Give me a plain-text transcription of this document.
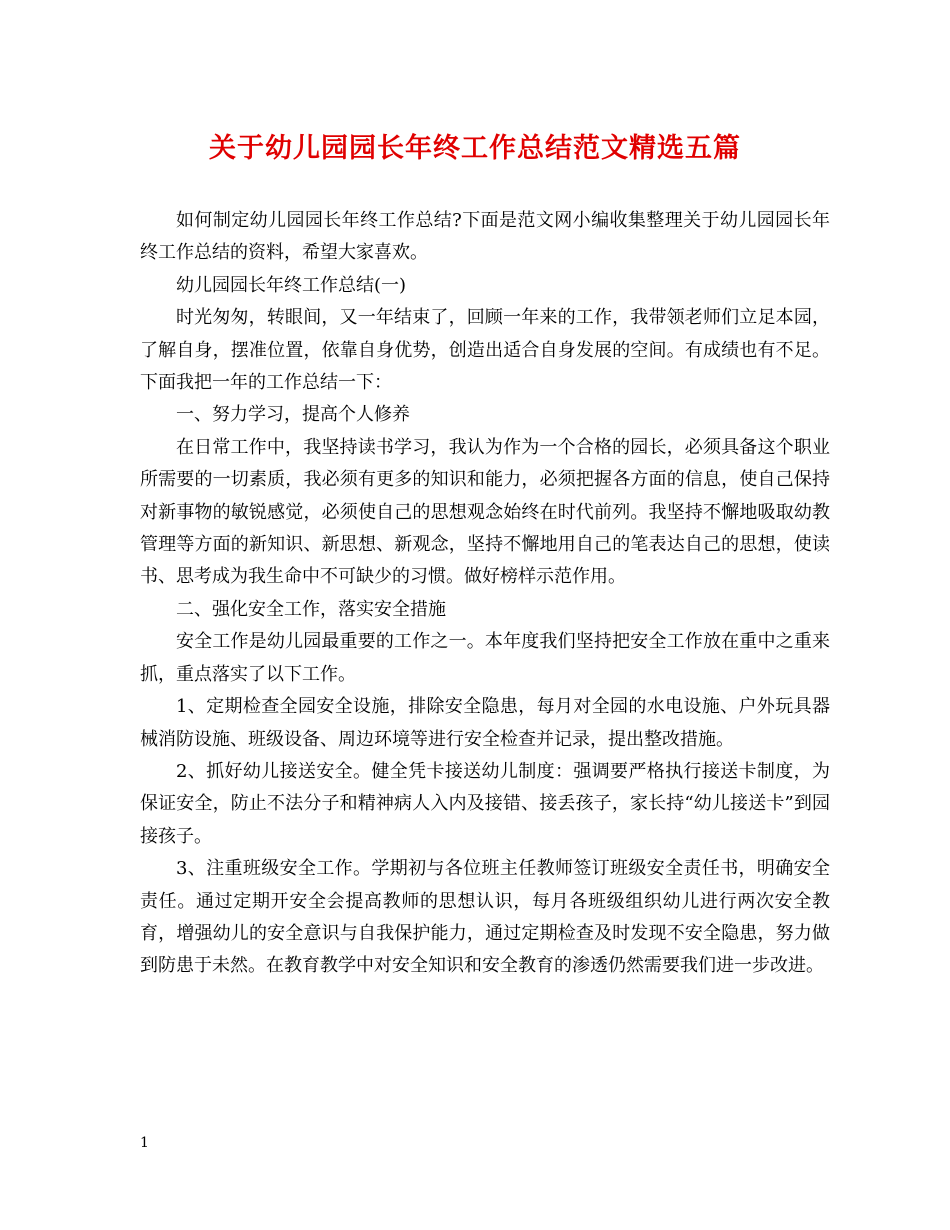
关于幼儿园园长年终工作总结范文精选五篇

如何制定幼儿园园长年终工作总结?下面是范文网小编收集整理关于幼儿园园长年终工作总结的资料，希望大家喜欢。

幼儿园园长年终工作总结(一)

时光匆匆，转眼间，又一年结束了，回顾一年来的工作，我带领老师们立足本园，了解自身，摆准位置，依靠自身优势，创造出适合自身发展的空间。有成绩也有不足。下面我把一年的工作总结一下：

一、努力学习，提高个人修养

在日常工作中，我坚持读书学习，我认为作为一个合格的园长，必须具备这个职业所需要的一切素质，我必须有更多的知识和能力，必须把握各方面的信息，使自己保持对新事物的敏锐感觉，必须使自己的思想观念始终在时代前列。我坚持不懈地吸取幼教管理等方面的新知识、新思想、新观念，坚持不懈地用自己的笔表达自己的思想，使读书、思考成为我生命中不可缺少的习惯。做好榜样示范作用。

二、强化安全工作，落实安全措施

安全工作是幼儿园最重要的工作之一。本年度我们坚持把安全工作放在重中之重来抓，重点落实了以下工作。

1、定期检查全园安全设施，排除安全隐患，每月对全园的水电设施、户外玩具器械消防设施、班级设备、周边环境等进行安全检查并记录，提出整改措施。

2、抓好幼儿接送安全。健全凭卡接送幼儿制度：强调要严格执行接送卡制度，为保证安全，防止不法分子和精神病人入内及接错、接丢孩子，家长持“幼儿接送卡”到园接孩子。

3、注重班级安全工作。学期初与各位班主任教师签订班级安全责任书，明确安全责任。通过定期开安全会提高教师的思想认识，每月各班级组织幼儿进行两次安全教育，增强幼儿的安全意识与自我保护能力，通过定期检查及时发现不安全隐患，努力做到防患于未然。在教育教学中对安全知识和安全教育的渗透仍然需要我们进一步改进。

1
